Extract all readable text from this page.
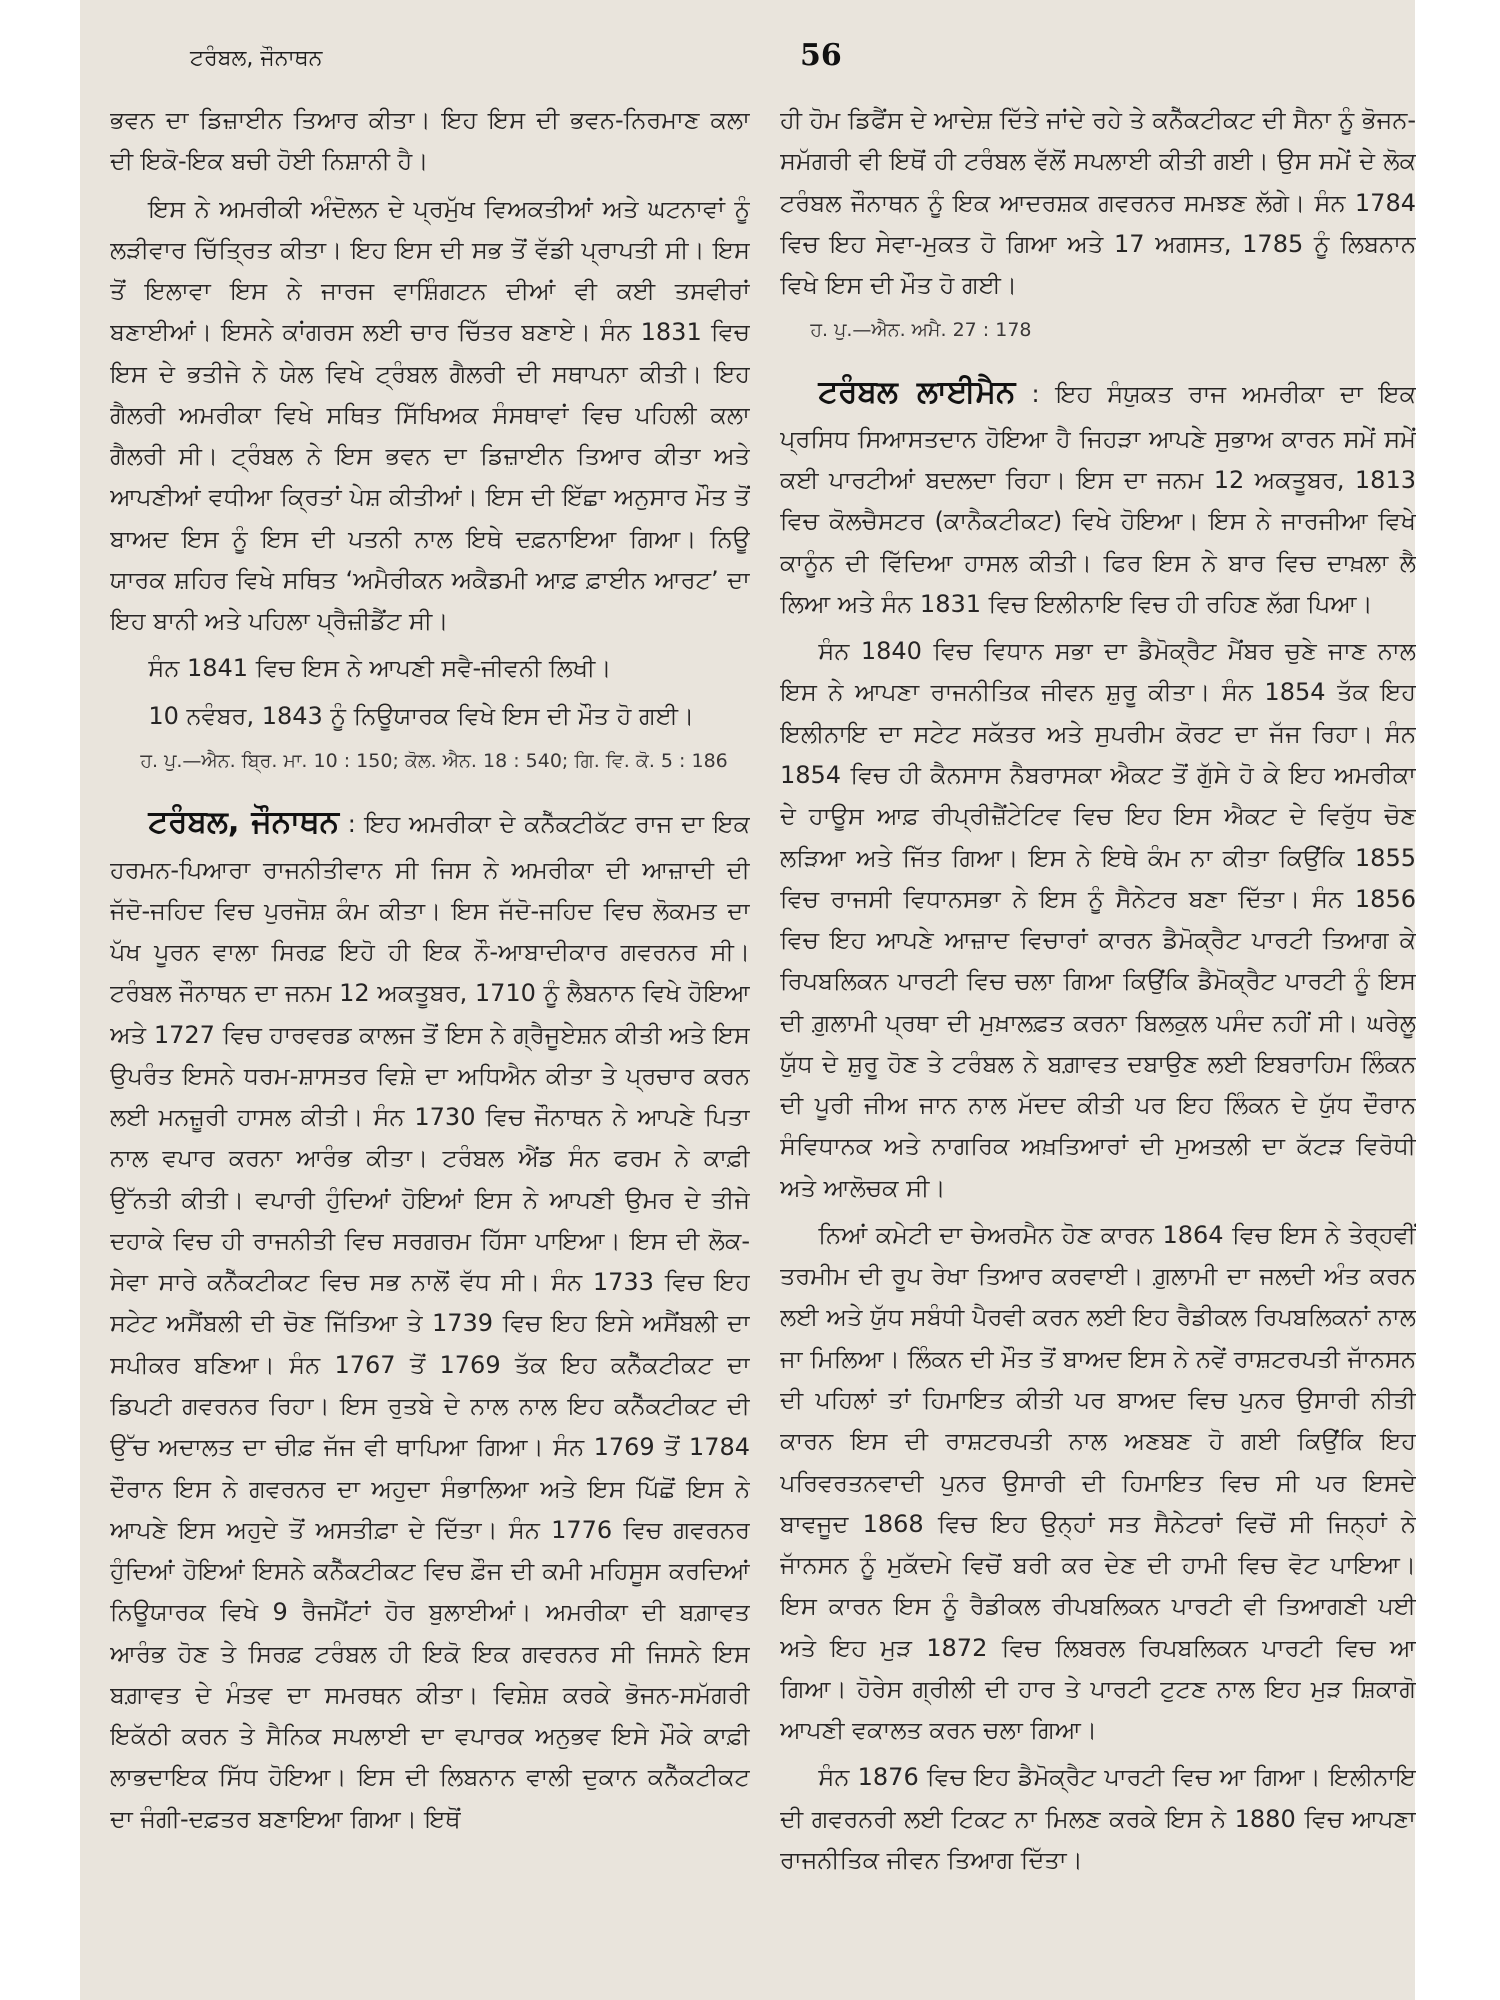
ਟਰੰਬਲ, ਜੌਨਾਥਨ	56

ਭਵਨ ਦਾ ਡਿਜ਼ਾਈਨ ਤਿਆਰ ਕੀਤਾ। ਇਹ ਇਸ ਦੀ ਭਵਨ-ਨਿਰਮਾਣ ਕਲਾ ਦੀ ਇਕੋ-ਇਕ ਬਚੀ ਹੋਈ ਨਿਸ਼ਾਨੀ ਹੈ।

ਇਸ ਨੇ ਅਮਰੀਕੀ ਅੰਦੋਲਨ ਦੇ ਪ੍ਰਮੁੱਖ ਵਿਅਕਤੀਆਂ ਅਤੇ ਘਟਨਾਵਾਂ ਨੂੰ ਲੜੀਵਾਰ ਚਿੱਤ੍ਰਿਤ ਕੀਤਾ। ਇਹ ਇਸ ਦੀ ਸਭ ਤੋਂ ਵੱਡੀ ਪ੍ਰਾਪਤੀ ਸੀ। ਇਸ ਤੋਂ ਇਲਾਵਾ ਇਸ ਨੇ ਜਾਰਜ ਵਾਸ਼ਿੰਗਟਨ ਦੀਆਂ ਵੀ ਕਈ ਤਸਵੀਰਾਂ ਬਣਾਈਆਂ। ਇਸਨੇ ਕਾਂਗਰਸ ਲਈ ਚਾਰ ਚਿੱਤਰ ਬਣਾਏ। ਸੰਨ 1831 ਵਿਚ ਇਸ ਦੇ ਭਤੀਜੇ ਨੇ ਯੇਲ ਵਿਖੇ ਟ੍ਰੰਬਲ ਗੈਲਰੀ ਦੀ ਸਥਾਪਨਾ ਕੀਤੀ। ਇਹ ਗੈਲਰੀ ਅਮਰੀਕਾ ਵਿਖੇ ਸਥਿਤ ਸਿੱਖਿਅਕ ਸੰਸਥਾਵਾਂ ਵਿਚ ਪਹਿਲੀ ਕਲਾ ਗੈਲਰੀ ਸੀ। ਟ੍ਰੰਬਲ ਨੇ ਇਸ ਭਵਨ ਦਾ ਡਿਜ਼ਾਈਨ ਤਿਆਰ ਕੀਤਾ ਅਤੇ ਆਪਣੀਆਂ ਵਧੀਆ ਕ੍ਰਿਤਾਂ ਪੇਸ਼ ਕੀਤੀਆਂ। ਇਸ ਦੀ ਇੱਛਾ ਅਨੁਸਾਰ ਮੌਤ ਤੋਂ ਬਾਅਦ ਇਸ ਨੂੰ ਇਸ ਦੀ ਪਤਨੀ ਨਾਲ ਇਥੇ ਦਫ਼ਨਾਇਆ ਗਿਆ। ਨਿਊ ਯਾਰਕ ਸ਼ਹਿਰ ਵਿਖੇ ਸਥਿਤ ‘ਅਮੈਰੀਕਨ ਅਕੈਡਮੀ ਆਫ਼ ਫ਼ਾਈਨ ਆਰਟ’ ਦਾ ਇਹ ਬਾਨੀ ਅਤੇ ਪਹਿਲਾ ਪ੍ਰੈਜ਼ੀਡੈਂਟ ਸੀ।

ਸੰਨ 1841 ਵਿਚ ਇਸ ਨੇ ਆਪਣੀ ਸਵੈ-ਜੀਵਨੀ ਲਿਖੀ।

10 ਨਵੰਬਰ, 1843 ਨੂੰ ਨਿਊਯਾਰਕ ਵਿਖੇ ਇਸ ਦੀ ਮੌਤ ਹੋ ਗਈ।

ਹ. ਪੁ.—ਐਨ. ਬ੍ਰਿ. ਮਾ. 10 : 150; ਕੋਲ. ਐਨ. 18 : 540; ਗਿ. ਵਿ. ਕੋ. 5 : 186

ਟਰੰਬਲ, ਜੌਨਾਥਨ : ਇਹ ਅਮਰੀਕਾ ਦੇ ਕਨੈੱਕਟੀਕੱਟ ਰਾਜ ਦਾ ਇਕ ਹਰਮਨ-ਪਿਆਰਾ ਰਾਜਨੀਤੀਵਾਨ ਸੀ ਜਿਸ ਨੇ ਅਮਰੀਕਾ ਦੀ ਆਜ਼ਾਦੀ ਦੀ ਜੱਦੋ-ਜਹਿਦ ਵਿਚ ਪੁਰਜੋਸ਼ ਕੰਮ ਕੀਤਾ। ਇਸ ਜੱਦੋ-ਜਹਿਦ ਵਿਚ ਲੋਕਮਤ ਦਾ ਪੱਖ ਪੂਰਨ ਵਾਲਾ ਸਿਰਫ਼ ਇਹੋ ਹੀ ਇਕ ਨੌ-ਆਬਾਦੀਕਾਰ ਗਵਰਨਰ ਸੀ। ਟਰੰਬਲ ਜੌਨਾਥਨ ਦਾ ਜਨਮ 12 ਅਕਤੂਬਰ, 1710 ਨੂੰ ਲੈਬਨਾਨ ਵਿਖੇ ਹੋਇਆ ਅਤੇ 1727 ਵਿਚ ਹਾਰਵਰਡ ਕਾਲਜ ਤੋਂ ਇਸ ਨੇ ਗ੍ਰੈਜੂਏਸ਼ਨ ਕੀਤੀ ਅਤੇ ਇਸ ਉਪਰੰਤ ਇਸਨੇ ਧਰਮ-ਸ਼ਾਸਤਰ ਵਿਸ਼ੇ ਦਾ ਅਧਿਐਨ ਕੀਤਾ ਤੇ ਪ੍ਰਚਾਰ ਕਰਨ ਲਈ ਮਨਜ਼ੂਰੀ ਹਾਸਲ ਕੀਤੀ। ਸੰਨ 1730 ਵਿਚ ਜੌਨਾਥਨ ਨੇ ਆਪਣੇ ਪਿਤਾ ਨਾਲ ਵਪਾਰ ਕਰਨਾ ਆਰੰਭ ਕੀਤਾ। ਟਰੰਬਲ ਐਂਡ ਸੰਨ ਫਰਮ ਨੇ ਕਾਫ਼ੀ ਉੱਨਤੀ ਕੀਤੀ। ਵਪਾਰੀ ਹੁੰਦਿਆਂ ਹੋਇਆਂ ਇਸ ਨੇ ਆਪਣੀ ਉਮਰ ਦੇ ਤੀਜੇ ਦਹਾਕੇ ਵਿਚ ਹੀ ਰਾਜਨੀਤੀ ਵਿਚ ਸਰਗਰਮ ਹਿੱਸਾ ਪਾਇਆ। ਇਸ ਦੀ ਲੋਕ-ਸੇਵਾ ਸਾਰੇ ਕਨੈੱਕਟੀਕਟ ਵਿਚ ਸਭ ਨਾਲੋਂ ਵੱਧ ਸੀ। ਸੰਨ 1733 ਵਿਚ ਇਹ ਸਟੇਟ ਅਸੈਂਬਲੀ ਦੀ ਚੋਣ ਜਿੱਤਿਆ ਤੇ 1739 ਵਿਚ ਇਹ ਇਸੇ ਅਸੈਂਬਲੀ ਦਾ ਸਪੀਕਰ ਬਣਿਆ। ਸੰਨ 1767 ਤੋਂ 1769 ਤੱਕ ਇਹ ਕਨੈੱਕਟੀਕਟ ਦਾ ਡਿਪਟੀ ਗਵਰਨਰ ਰਿਹਾ। ਇਸ ਰੁਤਬੇ ਦੇ ਨਾਲ ਨਾਲ ਇਹ ਕਨੈੱਕਟੀਕਟ ਦੀ ਉੱਚ ਅਦਾਲਤ ਦਾ ਚੀਫ਼ ਜੱਜ ਵੀ ਥਾਪਿਆ ਗਿਆ। ਸੰਨ 1769 ਤੋਂ 1784 ਦੌਰਾਨ ਇਸ ਨੇ ਗਵਰਨਰ ਦਾ ਅਹੁਦਾ ਸੰਭਾਲਿਆ ਅਤੇ ਇਸ ਪਿੱਛੋਂ ਇਸ ਨੇ ਆਪਣੇ ਇਸ ਅਹੁਦੇ ਤੋਂ ਅਸਤੀਫ਼ਾ ਦੇ ਦਿੱਤਾ। ਸੰਨ 1776 ਵਿਚ ਗਵਰਨਰ ਹੁੰਦਿਆਂ ਹੋਇਆਂ ਇਸਨੇ ਕਨੈੱਕਟੀਕਟ ਵਿਚ ਫ਼ੌਜ ਦੀ ਕਮੀ ਮਹਿਸੂਸ ਕਰਦਿਆਂ ਨਿਊਯਾਰਕ ਵਿਖੇ 9 ਰੈਜਮੈਂਟਾਂ ਹੋਰ ਬੁਲਾਈਆਂ। ਅਮਰੀਕਾ ਦੀ ਬਗ਼ਾਵਤ ਆਰੰਭ ਹੋਣ ਤੇ ਸਿਰਫ਼ ਟਰੰਬਲ ਹੀ ਇਕੋ ਇਕ ਗਵਰਨਰ ਸੀ ਜਿਸਨੇ ਇਸ ਬਗ਼ਾਵਤ ਦੇ ਮੰਤਵ ਦਾ ਸਮਰਥਨ ਕੀਤਾ। ਵਿਸ਼ੇਸ਼ ਕਰਕੇ ਭੋਜਨ-ਸਮੱਗਰੀ ਇਕੱਠੀ ਕਰਨ ਤੇ ਸੈਨਿਕ ਸਪਲਾਈ ਦਾ ਵਪਾਰਕ ਅਨੁਭਵ ਇਸੇ ਮੌਕੇ ਕਾਫ਼ੀ ਲਾਭਦਾਇਕ ਸਿੱਧ ਹੋਇਆ। ਇਸ ਦੀ ਲਿਬਨਾਨ ਵਾਲੀ ਦੁਕਾਨ ਕਨੈੱਕਟੀਕਟ ਦਾ ਜੰਗੀ-ਦਫ਼ਤਰ ਬਣਾਇਆ ਗਿਆ। ਇਥੋਂ

ਹੀ ਹੋਮ ਡਿਫੈਂਸ ਦੇ ਆਦੇਸ਼ ਦਿੱਤੇ ਜਾਂਦੇ ਰਹੇ ਤੇ ਕਨੈੱਕਟੀਕਟ ਦੀ ਸੈਨਾ ਨੂੰ ਭੋਜਨ-ਸਮੱਗਰੀ ਵੀ ਇਥੋਂ ਹੀ ਟਰੰਬਲ ਵੱਲੋਂ ਸਪਲਾਈ ਕੀਤੀ ਗਈ। ਉਸ ਸਮੇਂ ਦੇ ਲੋਕ ਟਰੰਬਲ ਜੌਨਾਥਨ ਨੂੰ ਇਕ ਆਦਰਸ਼ਕ ਗਵਰਨਰ ਸਮਝਣ ਲੱਗੇ। ਸੰਨ 1784 ਵਿਚ ਇਹ ਸੇਵਾ-ਮੁਕਤ ਹੋ ਗਿਆ ਅਤੇ 17 ਅਗਸਤ, 1785 ਨੂੰ ਲਿਬਨਾਨ ਵਿਖੇ ਇਸ ਦੀ ਮੌਤ ਹੋ ਗਈ।

ਹ. ਪੁ.—ਐਨ. ਅਮੈ. 27 : 178

ਟਰੰਬਲ ਲਾਈਮੈਨ : ਇਹ ਸੰਯੁਕਤ ਰਾਜ ਅਮਰੀਕਾ ਦਾ ਇਕ ਪ੍ਰਸਿਧ ਸਿਆਸਤਦਾਨ ਹੋਇਆ ਹੈ ਜਿਹੜਾ ਆਪਣੇ ਸੁਭਾਅ ਕਾਰਨ ਸਮੇਂ ਸਮੇਂ ਕਈ ਪਾਰਟੀਆਂ ਬਦਲਦਾ ਰਿਹਾ। ਇਸ ਦਾ ਜਨਮ 12 ਅਕਤੂਬਰ, 1813 ਵਿਚ ਕੋਲਚੈਸਟਰ (ਕਾਨੈਕਟੀਕਟ) ਵਿਖੇ ਹੋਇਆ। ਇਸ ਨੇ ਜਾਰਜੀਆ ਵਿਖੇ ਕਾਨੂੰਨ ਦੀ ਵਿੱਦਿਆ ਹਾਸਲ ਕੀਤੀ। ਫਿਰ ਇਸ ਨੇ ਬਾਰ ਵਿਚ ਦਾਖ਼ਲਾ ਲੈ ਲਿਆ ਅਤੇ ਸੰਨ 1831 ਵਿਚ ਇਲੀਨਾਇ ਵਿਚ ਹੀ ਰਹਿਣ ਲੱਗ ਪਿਆ।

ਸੰਨ 1840 ਵਿਚ ਵਿਧਾਨ ਸਭਾ ਦਾ ਡੈਮੋਕ੍ਰੈਟ ਮੈਂਬਰ ਚੁਣੇ ਜਾਣ ਨਾਲ ਇਸ ਨੇ ਆਪਣਾ ਰਾਜਨੀਤਿਕ ਜੀਵਨ ਸ਼ੁਰੂ ਕੀਤਾ। ਸੰਨ 1854 ਤੱਕ ਇਹ ਇਲੀਨਾਇ ਦਾ ਸਟੇਟ ਸਕੱਤਰ ਅਤੇ ਸੁਪਰੀਮ ਕੋਰਟ ਦਾ ਜੱਜ ਰਿਹਾ। ਸੰਨ 1854 ਵਿਚ ਹੀ ਕੈਨਸਾਸ ਨੈਬਰਾਸਕਾ ਐਕਟ ਤੋਂ ਗੁੱਸੇ ਹੋ ਕੇ ਇਹ ਅਮਰੀਕਾ ਦੇ ਹਾਊਸ ਆਫ਼ ਰੀਪ੍ਰੀਜ਼ੈਂਟੇਟਿਵ ਵਿਚ ਇਹ ਇਸ ਐਕਟ ਦੇ ਵਿਰੁੱਧ ਚੋਣ ਲੜਿਆ ਅਤੇ ਜਿੱਤ ਗਿਆ। ਇਸ ਨੇ ਇਥੇ ਕੰਮ ਨਾ ਕੀਤਾ ਕਿਉਂਕਿ 1855 ਵਿਚ ਰਾਜਸੀ ਵਿਧਾਨਸਭਾ ਨੇ ਇਸ ਨੂੰ ਸੈਨੇਟਰ ਬਣਾ ਦਿੱਤਾ। ਸੰਨ 1856 ਵਿਚ ਇਹ ਆਪਣੇ ਆਜ਼ਾਦ ਵਿਚਾਰਾਂ ਕਾਰਨ ਡੈਮੋਕ੍ਰੈਟ ਪਾਰਟੀ ਤਿਆਗ ਕੇ ਰਿਪਬਲਿਕਨ ਪਾਰਟੀ ਵਿਚ ਚਲਾ ਗਿਆ ਕਿਉਂਕਿ ਡੈਮੋਕ੍ਰੈਟ ਪਾਰਟੀ ਨੂੰ ਇਸ ਦੀ ਗ਼ੁਲਾਮੀ ਪ੍ਰਥਾ ਦੀ ਮੁਖ਼ਾਲਫ਼ਤ ਕਰਨਾ ਬਿਲਕੁਲ ਪਸੰਦ ਨਹੀਂ ਸੀ। ਘਰੇਲੂ ਯੁੱਧ ਦੇ ਸ਼ੁਰੂ ਹੋਣ ਤੇ ਟਰੰਬਲ ਨੇ ਬਗ਼ਾਵਤ ਦਬਾਉਣ ਲਈ ਇਬਰਾਹਿਮ ਲਿੰਕਨ ਦੀ ਪੂਰੀ ਜੀਅ ਜਾਨ ਨਾਲ ਮੱਦਦ ਕੀਤੀ ਪਰ ਇਹ ਲਿੰਕਨ ਦੇ ਯੁੱਧ ਦੌਰਾਨ ਸੰਵਿਧਾਨਕ ਅਤੇ ਨਾਗਰਿਕ ਅਖ਼ਤਿਆਰਾਂ ਦੀ ਮੁਅਤਲੀ ਦਾ ਕੱਟੜ ਵਿਰੋਧੀ ਅਤੇ ਆਲੋਚਕ ਸੀ।

ਨਿਆਂ ਕਮੇਟੀ ਦਾ ਚੇਅਰਮੈਨ ਹੋਣ ਕਾਰਨ 1864 ਵਿਚ ਇਸ ਨੇ ਤੇਰ੍ਹਵੀਂ ਤਰਮੀਮ ਦੀ ਰੂਪ ਰੇਖਾ ਤਿਆਰ ਕਰਵਾਈ। ਗ਼ੁਲਾਮੀ ਦਾ ਜਲਦੀ ਅੰਤ ਕਰਨ ਲਈ ਅਤੇ ਯੁੱਧ ਸਬੰਧੀ ਪੈਰਵੀ ਕਰਨ ਲਈ ਇਹ ਰੈਡੀਕਲ ਰਿਪਬਲਿਕਨਾਂ ਨਾਲ ਜਾ ਮਿਲਿਆ। ਲਿੰਕਨ ਦੀ ਮੌਤ ਤੋਂ ਬਾਅਦ ਇਸ ਨੇ ਨਵੇਂ ਰਾਸ਼ਟਰਪਤੀ ਜਾੱਨਸਨ ਦੀ ਪਹਿਲਾਂ ਤਾਂ ਹਿਮਾਇਤ ਕੀਤੀ ਪਰ ਬਾਅਦ ਵਿਚ ਪੁਨਰ ਉਸਾਰੀ ਨੀਤੀ ਕਾਰਨ ਇਸ ਦੀ ਰਾਸ਼ਟਰਪਤੀ ਨਾਲ ਅਣਬਣ ਹੋ ਗਈ ਕਿਉਂਕਿ ਇਹ ਪਰਿਵਰਤਨਵਾਦੀ ਪੁਨਰ ਉਸਾਰੀ ਦੀ ਹਿਮਾਇਤ ਵਿਚ ਸੀ ਪਰ ਇਸਦੇ ਬਾਵਜੂਦ 1868 ਵਿਚ ਇਹ ਉਨ੍ਹਾਂ ਸਤ ਸੈਨੇਟਰਾਂ ਵਿਚੋਂ ਸੀ ਜਿਨ੍ਹਾਂ ਨੇ ਜਾੱਨਸਨ ਨੂੰ ਮੁਕੱਦਮੇ ਵਿਚੋਂ ਬਰੀ ਕਰ ਦੇਣ ਦੀ ਹਾਮੀ ਵਿਚ ਵੋਟ ਪਾਇਆ। ਇਸ ਕਾਰਨ ਇਸ ਨੂੰ ਰੈਡੀਕਲ ਰੀਪਬਲਿਕਨ ਪਾਰਟੀ ਵੀ ਤਿਆਗਣੀ ਪਈ ਅਤੇ ਇਹ ਮੁੜ 1872 ਵਿਚ ਲਿਬਰਲ ਰਿਪਬਲਿਕਨ ਪਾਰਟੀ ਵਿਚ ਆ ਗਿਆ। ਹੋਰੇਸ ਗ੍ਰੀਲੀ ਦੀ ਹਾਰ ਤੇ ਪਾਰਟੀ ਟੁਟਣ ਨਾਲ ਇਹ ਮੁੜ ਸ਼ਿਕਾਗੋ ਆਪਣੀ ਵਕਾਲਤ ਕਰਨ ਚਲਾ ਗਿਆ।

ਸੰਨ 1876 ਵਿਚ ਇਹ ਡੈਮੋਕ੍ਰੈਟ ਪਾਰਟੀ ਵਿਚ ਆ ਗਿਆ। ਇਲੀਨਾਇ ਦੀ ਗਵਰਨਰੀ ਲਈ ਟਿਕਟ ਨਾ ਮਿਲਣ ਕਰਕੇ ਇਸ ਨੇ 1880 ਵਿਚ ਆਪਣਾ ਰਾਜਨੀਤਿਕ ਜੀਵਨ ਤਿਆਗ ਦਿੱਤਾ।
